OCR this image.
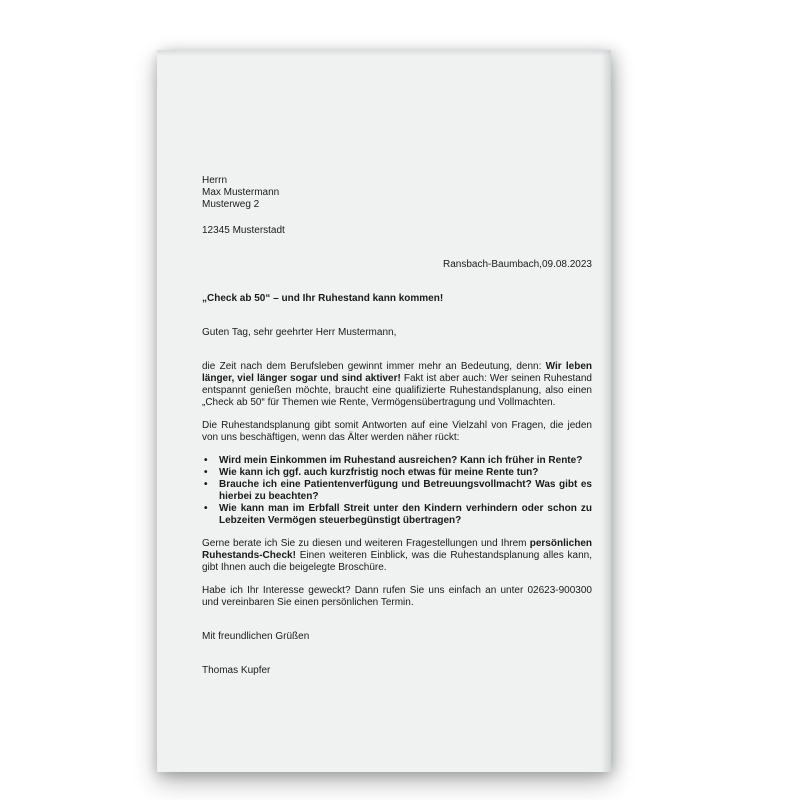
Herrn
Max Mustermann
Musterweg 2
12345 Musterstadt
Ransbach-Baumbach,09.08.2023
„Check ab 50“ – und Ihr Ruhestand kann kommen!
Guten Tag, sehr geehrter Herr Mustermann,

die Zeit nach dem Berufsleben gewinnt immer mehr an Bedeutung, denn: Wir leben länger, viel länger sogar und sind aktiver! Fakt ist aber auch: Wer seinen Ruhestand entspannt genießen möchte, braucht eine qualifizierte Ruhestandsplanung, also einen „Check ab 50“ für Themen wie Rente, Vermögensübertragung und Vollmachten.

Die Ruhestandsplanung gibt somit Antworten auf eine Vielzahl von Fragen, die jeden von uns beschäftigen, wenn das Älter werden näher rückt:

• Wird mein Einkommen im Ruhestand ausreichen? Kann ich früher in Rente?
• Wie kann ich ggf. auch kurzfristig noch etwas für meine Rente tun?
• Brauche ich eine Patientenverfügung und Betreuungsvollmacht? Was gibt es hierbei zu beachten?
• Wie kann man im Erbfall Streit unter den Kindern verhindern oder schon zu Lebzeiten Vermögen steuerbegünstigt übertragen?

Gerne berate ich Sie zu diesen und weiteren Fragestellungen und Ihrem persönlichen Ruhestands-Check! Einen weiteren Einblick, was die Ruhestandsplanung alles kann, gibt Ihnen auch die beigelegte Broschüre.

Habe ich Ihr Interesse geweckt? Dann rufen Sie uns einfach an unter 02623-900300 und vereinbaren Sie einen persönlichen Termin.

Mit freundlichen Grüßen
Thomas Kupfer
